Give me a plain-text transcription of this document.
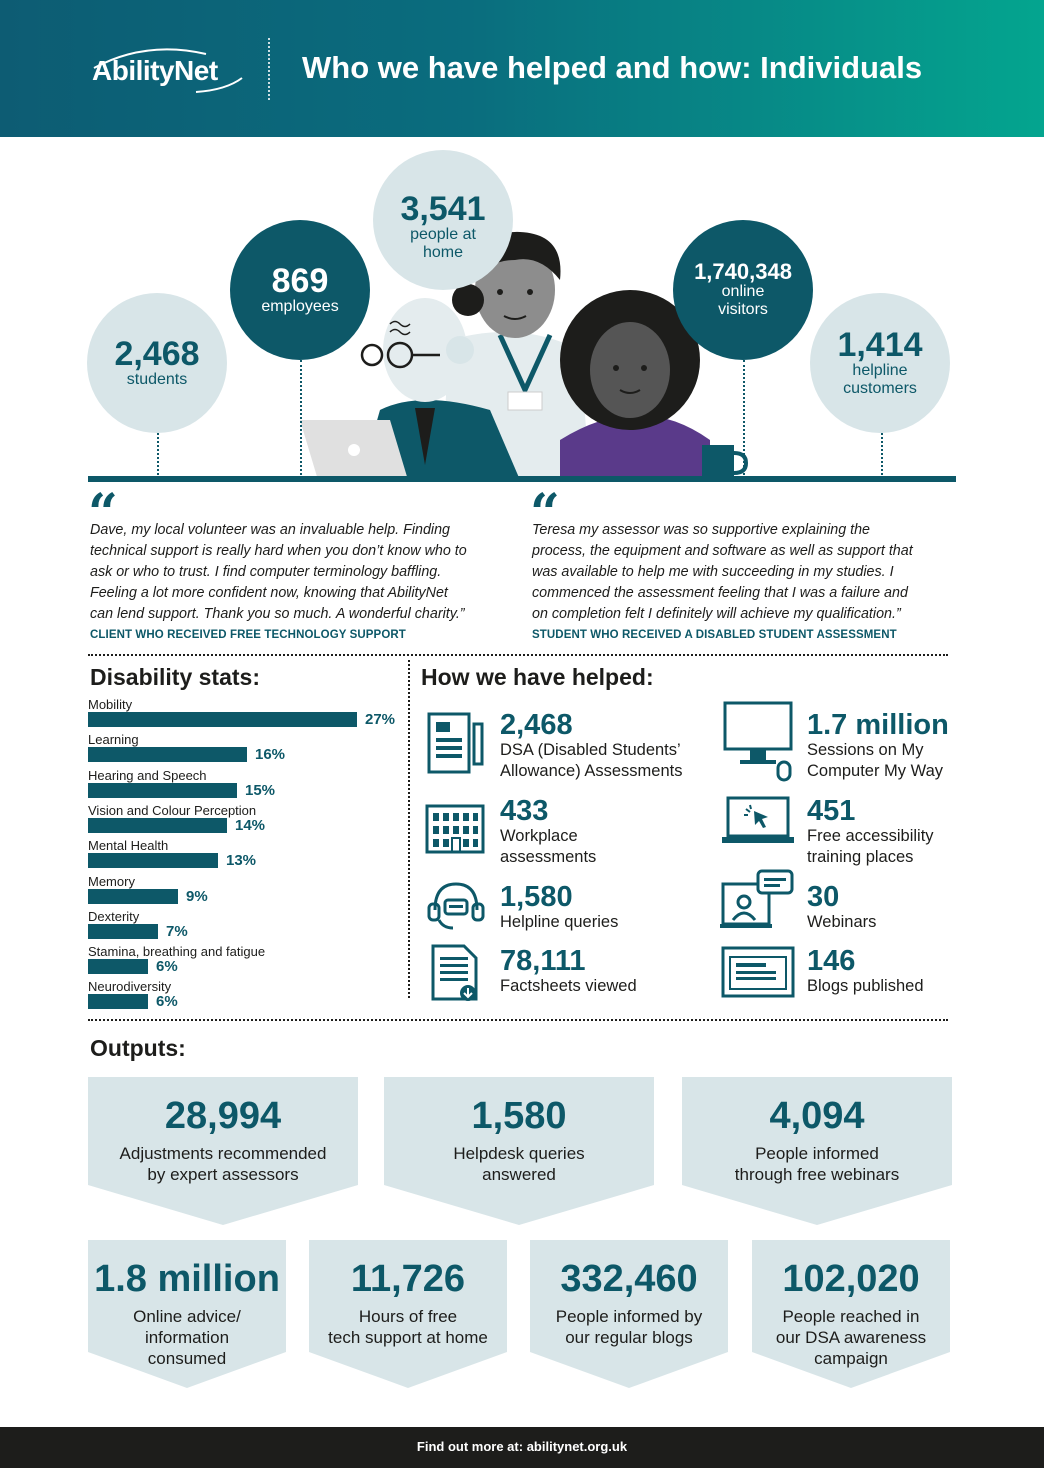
AbilityNet	Who we have helped and how: Individuals
2,468
students
869
employees
3,541
people at
home
1,740,348
online
visitors
1,414
helpline
customers
“
Dave, my local volunteer was an invaluable help. Finding
technical support is really hard when you don’t know who to
ask or who to trust. I find computer terminology baffling.
Feeling a lot more confident now, knowing that AbilityNet
can lend support. Thank you so much. A wonderful charity.”
CLIENT WHO RECEIVED FREE TECHNOLOGY SUPPORT
“
Teresa my assessor was so supportive explaining the
process, the equipment and software as well as support that
was available to help me with succeeding in my studies. I
commenced the assessment feeling that I was a failure and
on completion felt I definitely will achieve my qualification.”
STUDENT WHO RECEIVED A DISABLED STUDENT ASSESSMENT
Disability stats:
Mobility
27%
Learning
16%
Hearing and Speech
15%
Vision and Colour Perception
14%
Mental Health
13%
Memory
9%
Dexterity
7%
Stamina, breathing and fatigue
6%
Neurodiversity
6%
How we have helped:
2,468
DSA (Disabled Students’
Allowance) Assessments
1.7 million
Sessions on My
Computer My Way
433
Workplace
assessments
451
Free accessibility
training places
1,580
Helpline queries
30
Webinars
78,111
Factsheets viewed
146
Blogs published
Outputs:
28,994
Adjustments recommended
by expert assessors
1,580
Helpdesk queries
answered
4,094
People informed
through free webinars
1.8 million
Online advice/
information
consumed
11,726
Hours of free
tech support at home
332,460
People informed by
our regular blogs
102,020
People reached in
our DSA awareness
campaign
Find out more at: abilitynet.org.uk
